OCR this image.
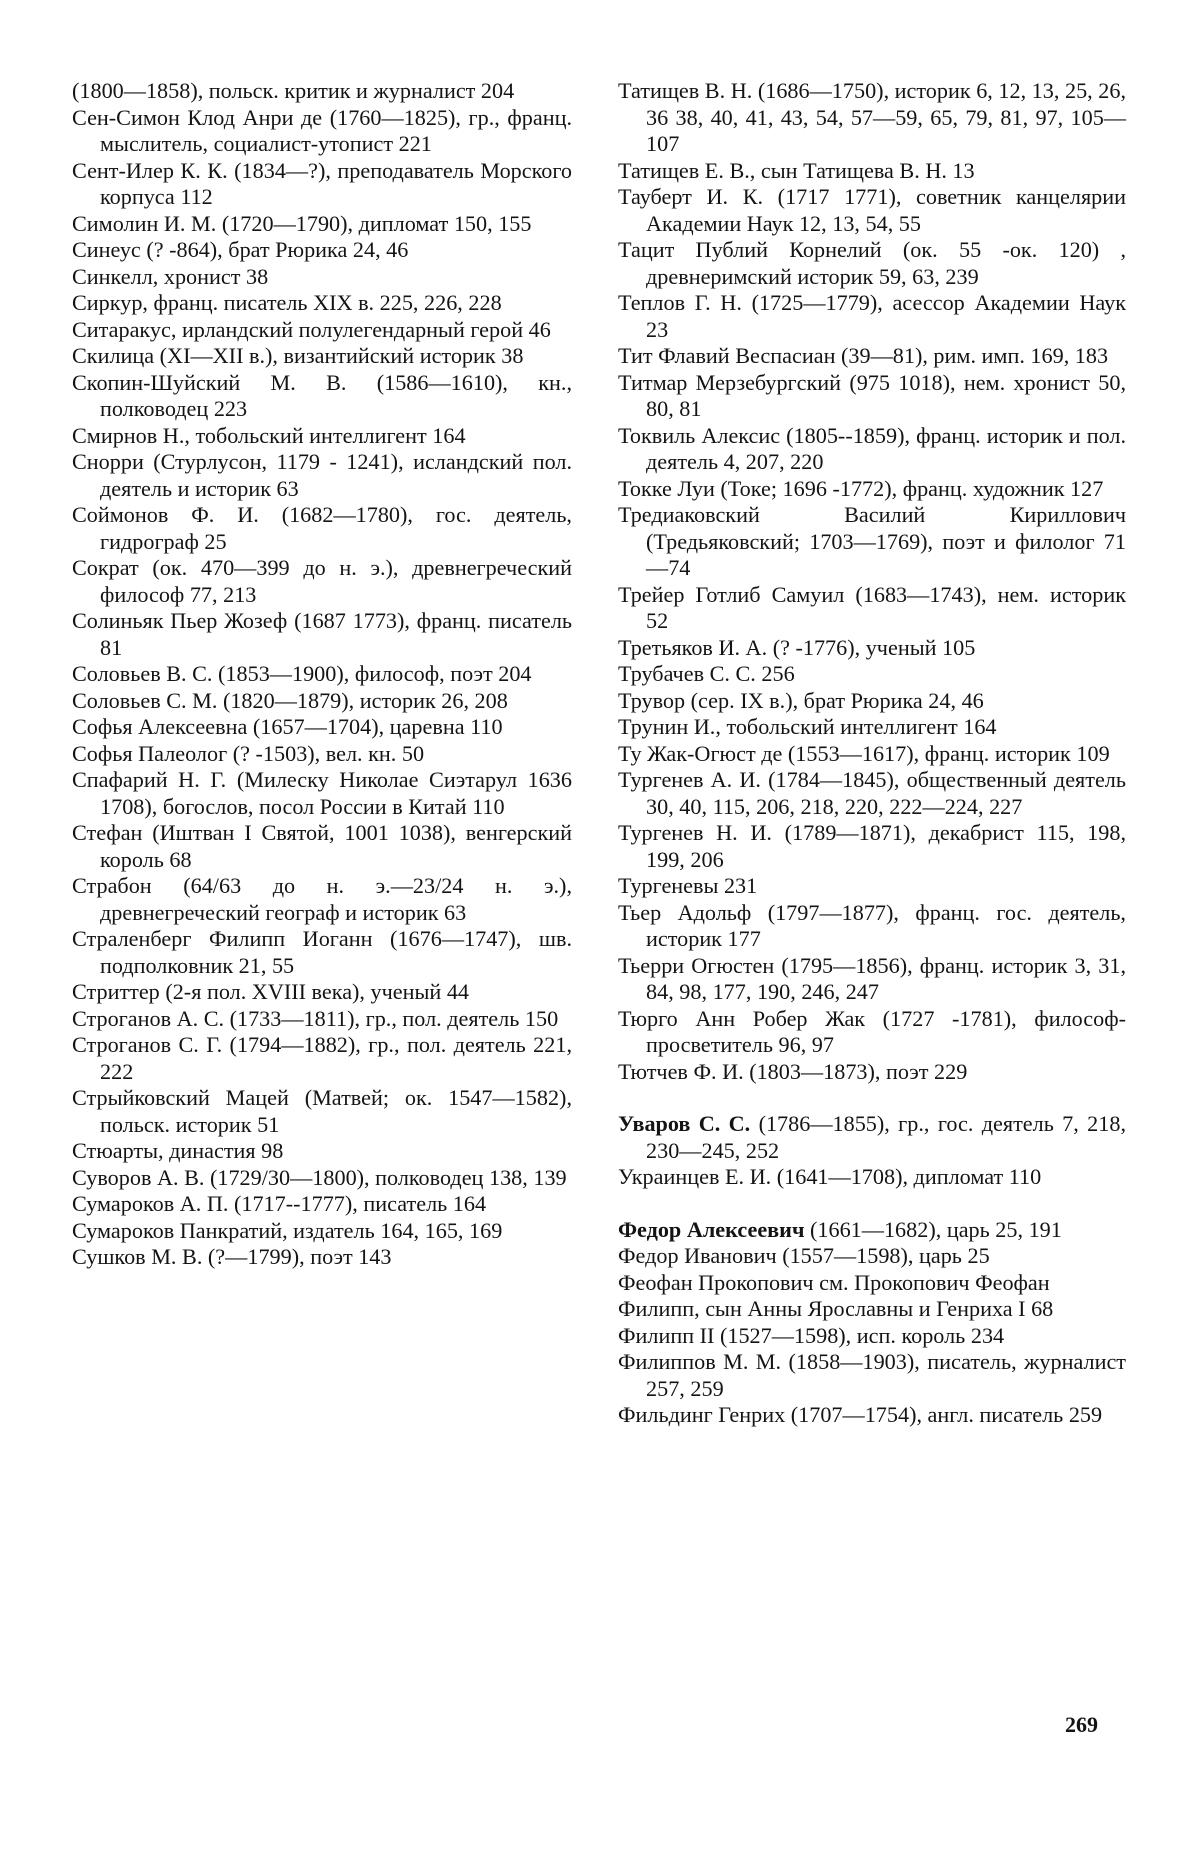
(1800—1858), польск. критик и журналист 204

Сен-Симон Клод Анри де (1760—1825), гр., франц. мыслитель, социалист-утопист 221

Сент-Илер К. К. (1834—?), преподаватель Морского корпуса 112

Симолин И. М. (1720—1790), дипломат 150, 155

Синеус (? -864), брат Рюрика 24, 46

Синкелл, хронист 38

Сиркур, франц. писатель XIX в. 225, 226, 228

Ситаракус, ирландский полулегендарный герой 46

Скилица (XI—XII в.), византийский историк 38

Скопин-Шуйский М. В. (1586—1610), кн., полководец 223

Смирнов Н., тобольский интеллигент 164

Снорри (Стурлусон, 1179 - 1241), исландский пол. деятель и историк 63

Соймонов Ф. И. (1682—1780), гос. деятель, гидрограф 25

Сократ (ок. 470—399 до н. э.), древнегреческий философ 77, 213

Солиньяк Пьер Жозеф (1687 1773), франц. писатель 81

Соловьев В. С. (1853—1900), философ, поэт 204

Соловьев С. М. (1820—1879), историк 26, 208

Софья Алексеевна (1657—1704), царевна 110

Софья Палеолог (? -1503), вел. кн. 50

Спафарий Н. Г. (Милеску Николае Сиэтарул 1636 1708), богослов, посол России в Китай 110

Стефан (Иштван I Святой, 1001 1038), венгерский король 68

Страбон (64/63 до н. э.—23/24 н. э.), древнегреческий географ и историк 63

Страленберг Филипп Иоганн (1676—1747), шв. подполковник 21, 55

Стриттер (2-я пол. XVIII века), ученый 44

Строганов А. С. (1733—1811), гр., пол. деятель 150

Строганов С. Г. (1794—1882), гр., пол. деятель 221, 222

Стрыйковский Мацей (Матвей; ок. 1547—1582), польск. историк 51

Стюарты, династия 98

Суворов А. В. (1729/30—1800), полководец 138, 139

Сумароков А. П. (1717--1777), писатель 164

Сумароков Панкратий, издатель 164, 165, 169

Сушков М. В. (?—1799), поэт 143

Татищев В. Н. (1686—1750), историк 6, 12, 13, 25, 26, 36 38, 40, 41, 43, 54, 57—59, 65, 79, 81, 97, 105—107

Татищев Е. В., сын Татищева В. Н. 13

Тауберт И. К. (1717 1771), советник канцелярии Академии Наук 12, 13, 54, 55

Тацит Публий Корнелий (ок. 55 -ок. 120) , древнеримский историк 59, 63, 239

Теплов Г. Н. (1725—1779), асессор Академии Наук 23

Тит Флавий Веспасиан (39—81), рим. имп. 169, 183

Титмар Мерзебургский (975 1018), нем. хронист 50, 80, 81

Токвиль Алексис (1805--1859), франц. историк и пол. деятель 4, 207, 220

Токке Луи (Токе; 1696 -1772), франц. художник 127

Тредиаковский Василий Кириллович (Тредьяковский; 1703—1769), поэт и филолог 71—74

Трейер Готлиб Самуил (1683—1743), нем. историк 52

Третьяков И. А. (? -1776), ученый 105

Трубачев С. С. 256

Трувор (сер. IX в.), брат Рюрика 24, 46

Трунин И., тобольский интеллигент 164

Ту Жак-Огюст де (1553—1617), франц. историк 109

Тургенев А. И. (1784—1845), общественный деятель 30, 40, 115, 206, 218, 220, 222—224, 227

Тургенев Н. И. (1789—1871), декабрист 115, 198, 199, 206

Тургеневы 231

Тьер Адольф (1797—1877), франц. гос. деятель, историк 177

Тьерри Огюстен (1795—1856), франц. историк 3, 31, 84, 98, 177, 190, 246, 247

Тюрго Анн Робер Жак (1727 -1781), философ-просветитель 96, 97

Тютчев Ф. И. (1803—1873), поэт 229

Уваров С. С. (1786—1855), гр., гос. деятель 7, 218, 230—245, 252

Украинцев Е. И. (1641—1708), дипломат 110

Федор Алексеевич (1661—1682), царь 25, 191

Федор Иванович (1557—1598), царь 25

Феофан Прокопович см. Прокопович Феофан

Филипп, сын Анны Ярославны и Генриха I 68

Филипп II (1527—1598), исп. король 234

Филиппов М. М. (1858—1903), писатель, журналист 257, 259

Фильдинг Генрих (1707—1754), англ. писатель 259

269
